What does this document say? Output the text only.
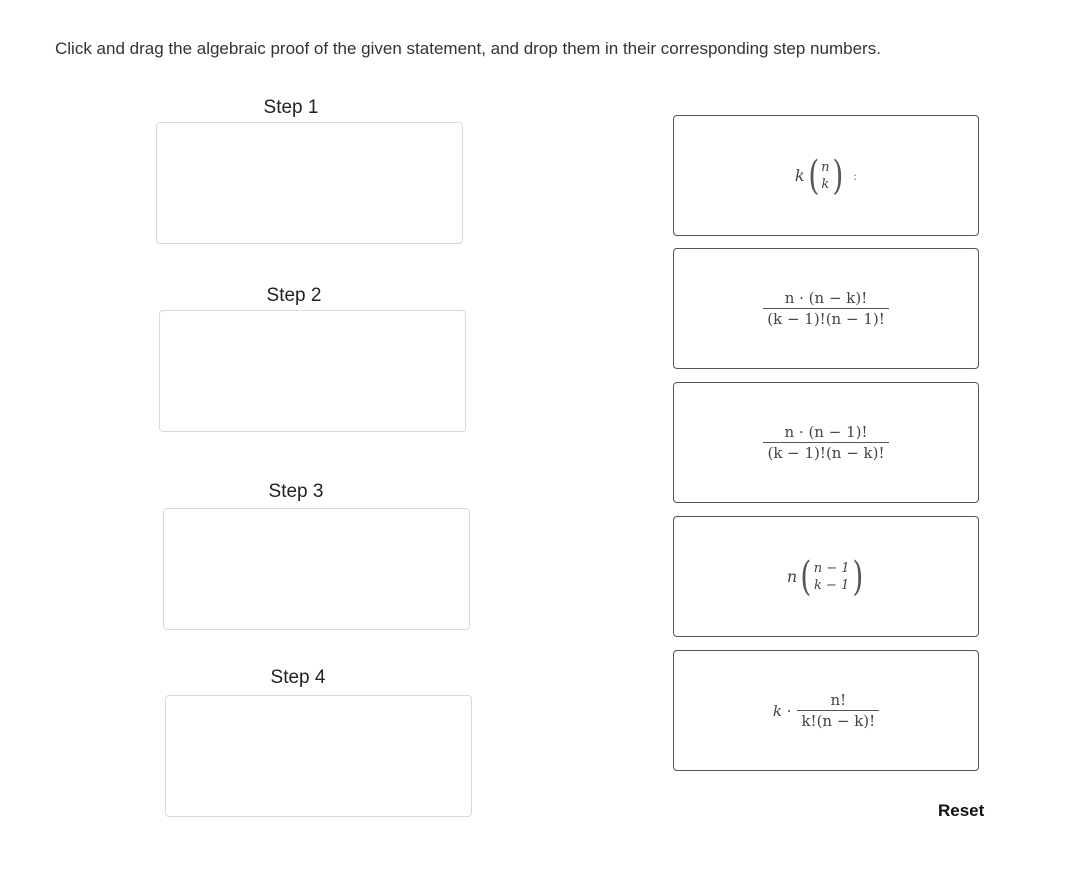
Click and drag the algebraic proof of the given statement, and drop them in their corresponding step numbers.
Step 1
Step 2
Step 3
Step 4
k ( n
k ) :
$\frac{n \cdot (n - k)!}{(k - 1)!(n - 1)!}$
$\frac{n \cdot (n - 1)!}{(k - 1)!(n - k)!}$
n ( n − 1
k − 1 )
$k \cdot \frac{n!}{k!(n - k)!}$
Reset
